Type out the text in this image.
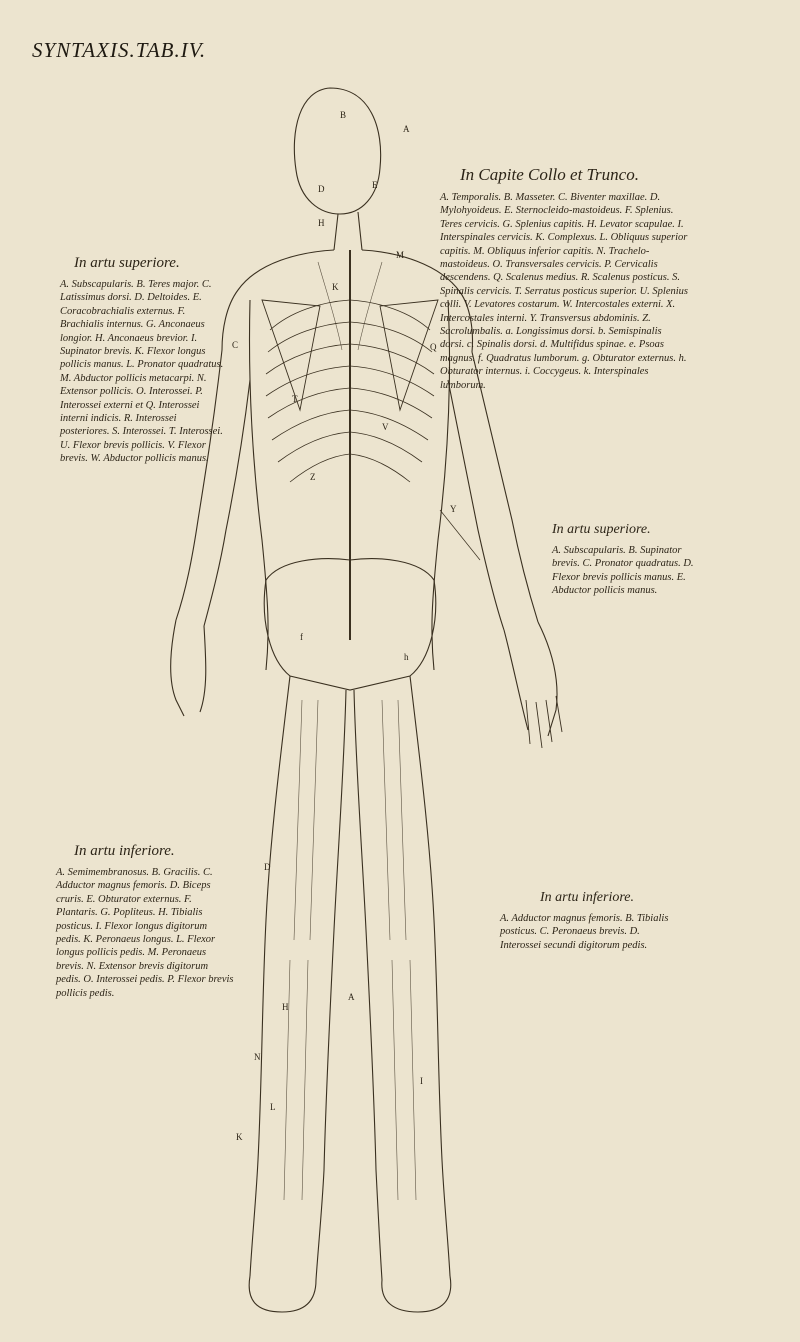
SYNTAXIS.TAB.IV.
A
B
D	E
H
K
M
C
T
Q
Y
V
Z
f
h
D
H
K
L
I
A
N
In Capite Collo et Trunco.

A. Temporalis. B. Masseter. C. Biventer maxillae. D. Mylohyoideus. E. Sternocleido-mastoideus. F. Splenius. Teres cervicis. G. Splenius capitis. H. Levator scapulae. I. Interspinales cervicis. K. Complexus. L. Obliquus superior capitis. M. Obliquus inferior capitis. N. Trachelo-mastoideus. O. Transversales cervicis. P. Cervicalis descendens. Q. Scalenus medius. R. Scalenus posticus. S. Spinalis cervicis. T. Serratus posticus superior. U. Splenius colli. V. Levatores costarum. W. Intercostales externi. X. Intercostales interni. Y. Transversus abdominis. Z. Sacrolumbalis. a. Longissimus dorsi. b. Semispinalis dorsi. c. Spinalis dorsi. d. Multifidus spinae. e. Psoas magnus. f. Quadratus lumborum. g. Obturator externus. h. Obturator internus. i. Coccygeus. k. Interspinales lumborum.

In artu superiore.

A. Subscapularis. B. Teres major. C. Latissimus dorsi. D. Deltoides. E. Coracobrachialis externus. F. Brachialis internus. G. Anconaeus longior. H. Anconaeus brevior. I. Supinator brevis. K. Flexor longus pollicis manus. L. Pronator quadratus. M. Abductor pollicis metacarpi. N. Extensor pollicis. O. Interossei. P. Interossei externi et Q. Interossei interni indicis. R. Interossei posteriores. S. Interossei. T. Interossei. U. Flexor brevis pollicis. V. Flexor brevis. W. Abductor pollicis manus.

In artu superiore.

A. Subscapularis. B. Supinator brevis. C. Pronator quadratus. D. Flexor brevis pollicis manus. E. Abductor pollicis manus.

In artu inferiore.

A. Semimembranosus. B. Gracilis. C. Adductor magnus femoris. D. Biceps cruris. E. Obturator externus. F. Plantaris. G. Popliteus. H. Tibialis posticus. I. Flexor longus digitorum pedis. K. Peronaeus longus. L. Flexor longus pollicis pedis. M. Peronaeus brevis. N. Extensor brevis digitorum pedis. O. Interossei pedis. P. Flexor brevis pollicis pedis.

In artu inferiore.

A. Adductor magnus femoris. B. Tibialis posticus. C. Peronaeus brevis. D. Interossei secundi digitorum pedis.
